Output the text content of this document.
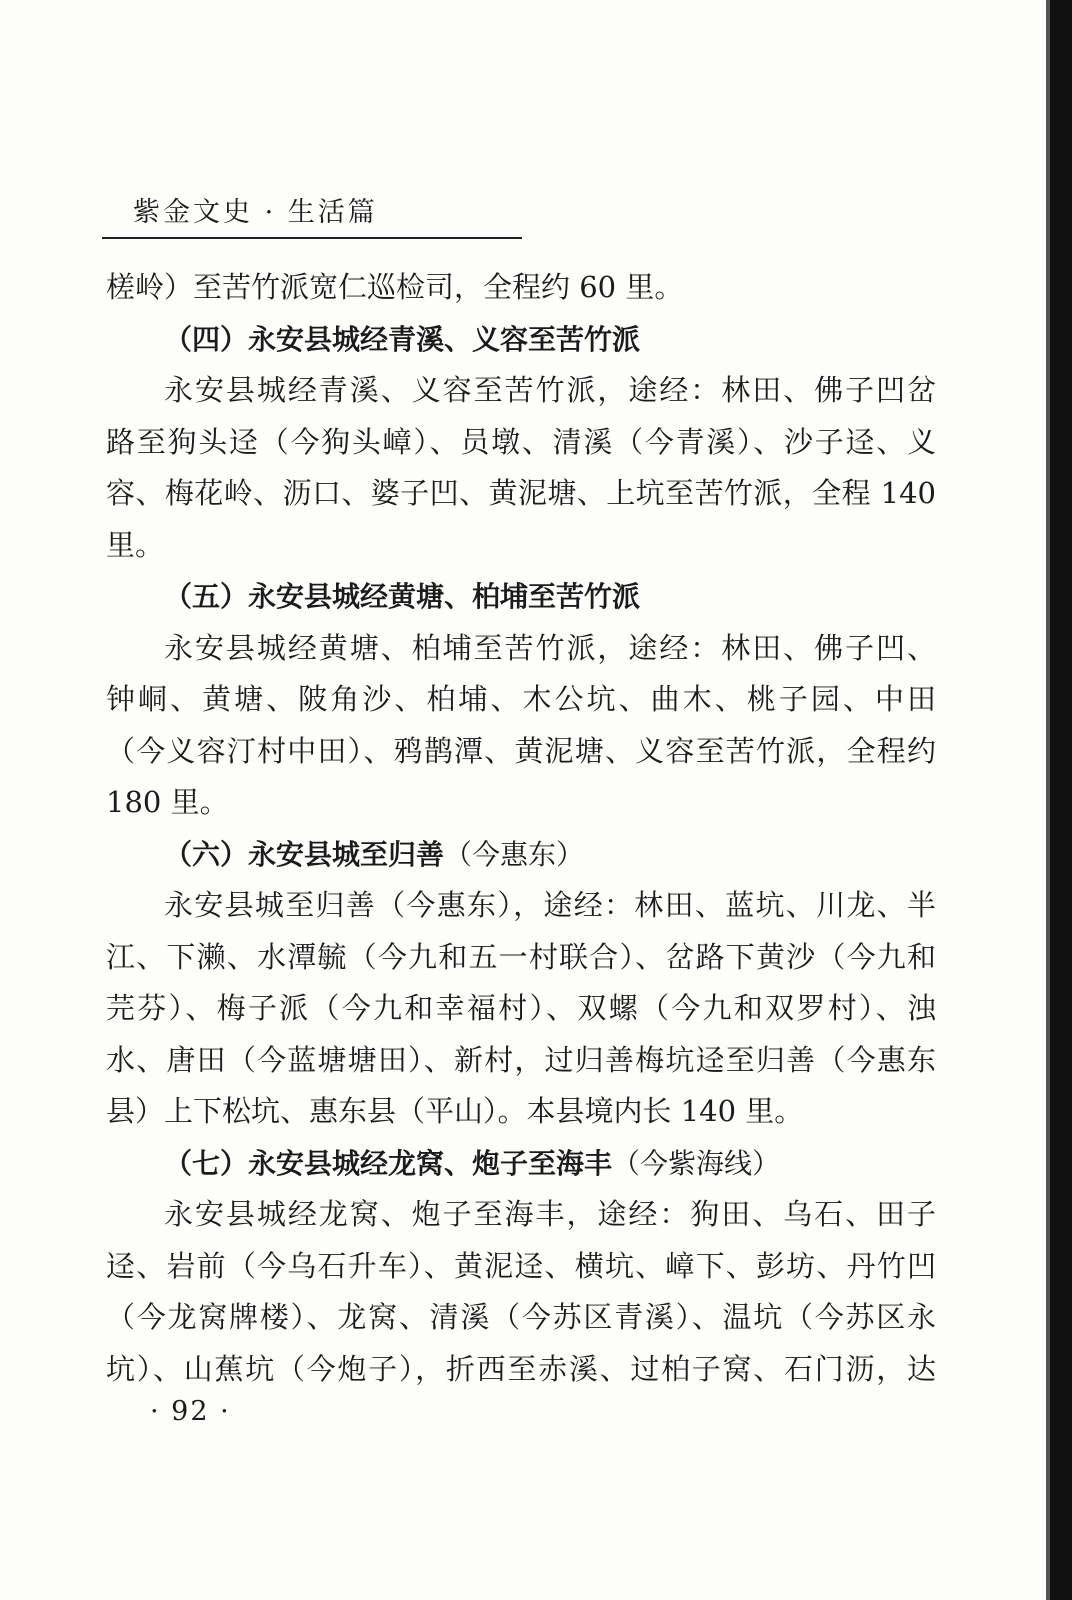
紫金文史 · 生活篇
槎岭）至苦竹派宽仁巡检司，全程约 60 里。
（四）永安县城经青溪、义容至苦竹派
永安县城经青溪、义容至苦竹派，途经：林田、佛子凹岔
路至狗头迳（今狗头嶂）、员墩、清溪（今青溪）、沙子迳、义
容、梅花岭、沥口、婆子凹、黄泥塘、上坑至苦竹派，全程 140
里。
（五）永安县城经黄塘、柏埔至苦竹派
永安县城经黄塘、柏埔至苦竹派，途经：林田、佛子凹、
钟峒、黄塘、陂角沙、柏埔、木公坑、曲木、桃子园、中田
（今义容汀村中田）、鸦鹊潭、黄泥塘、义容至苦竹派，全程约
180 里。
（六）永安县城至归善（今惠东）
永安县城至归善（今惠东），途经：林田、蓝坑、川龙、半
江、下濑、水潭毓（今九和五一村联合）、岔路下黄沙（今九和
芫芬）、梅子派（今九和幸福村）、双螺（今九和双罗村）、浊
水、唐田（今蓝塘塘田）、新村，过归善梅坑迳至归善（今惠东
县）上下松坑、惠东县（平山）。本县境内长 140 里。
（七）永安县城经龙窝、炮子至海丰（今紫海线）
永安县城经龙窝、炮子至海丰，途经：狗田、乌石、田子
迳、岩前（今乌石升车）、黄泥迳、横坑、嶂下、彭坊、丹竹凹
（今龙窝牌楼）、龙窝、清溪（今苏区青溪）、温坑（今苏区永
坑）、山蕉坑（今炮子），折西至赤溪、过柏子窝、石门沥，达
· 92 ·
